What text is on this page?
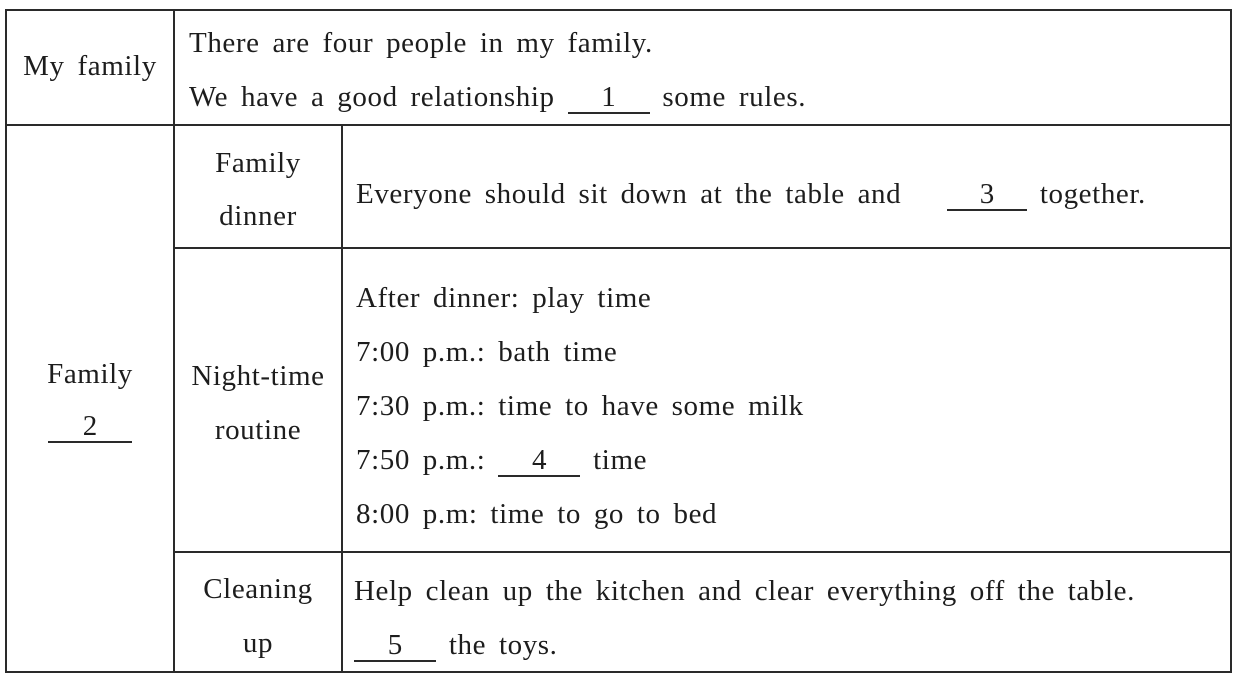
My family
There are four people in my family.
We have a good relationship 1 some rules.
Family
2
Family
dinner
Everyone should sit down at the table and	3 together.
Night-time
routine
After dinner: play time
7:00 p.m.: bath time
7:30 p.m.: time to have some milk
7:50 p.m.: 4 time
8:00 p.m: time to go to bed
Cleaning
up
Help clean up the kitchen and clear everything off the table.
5 the toys.
